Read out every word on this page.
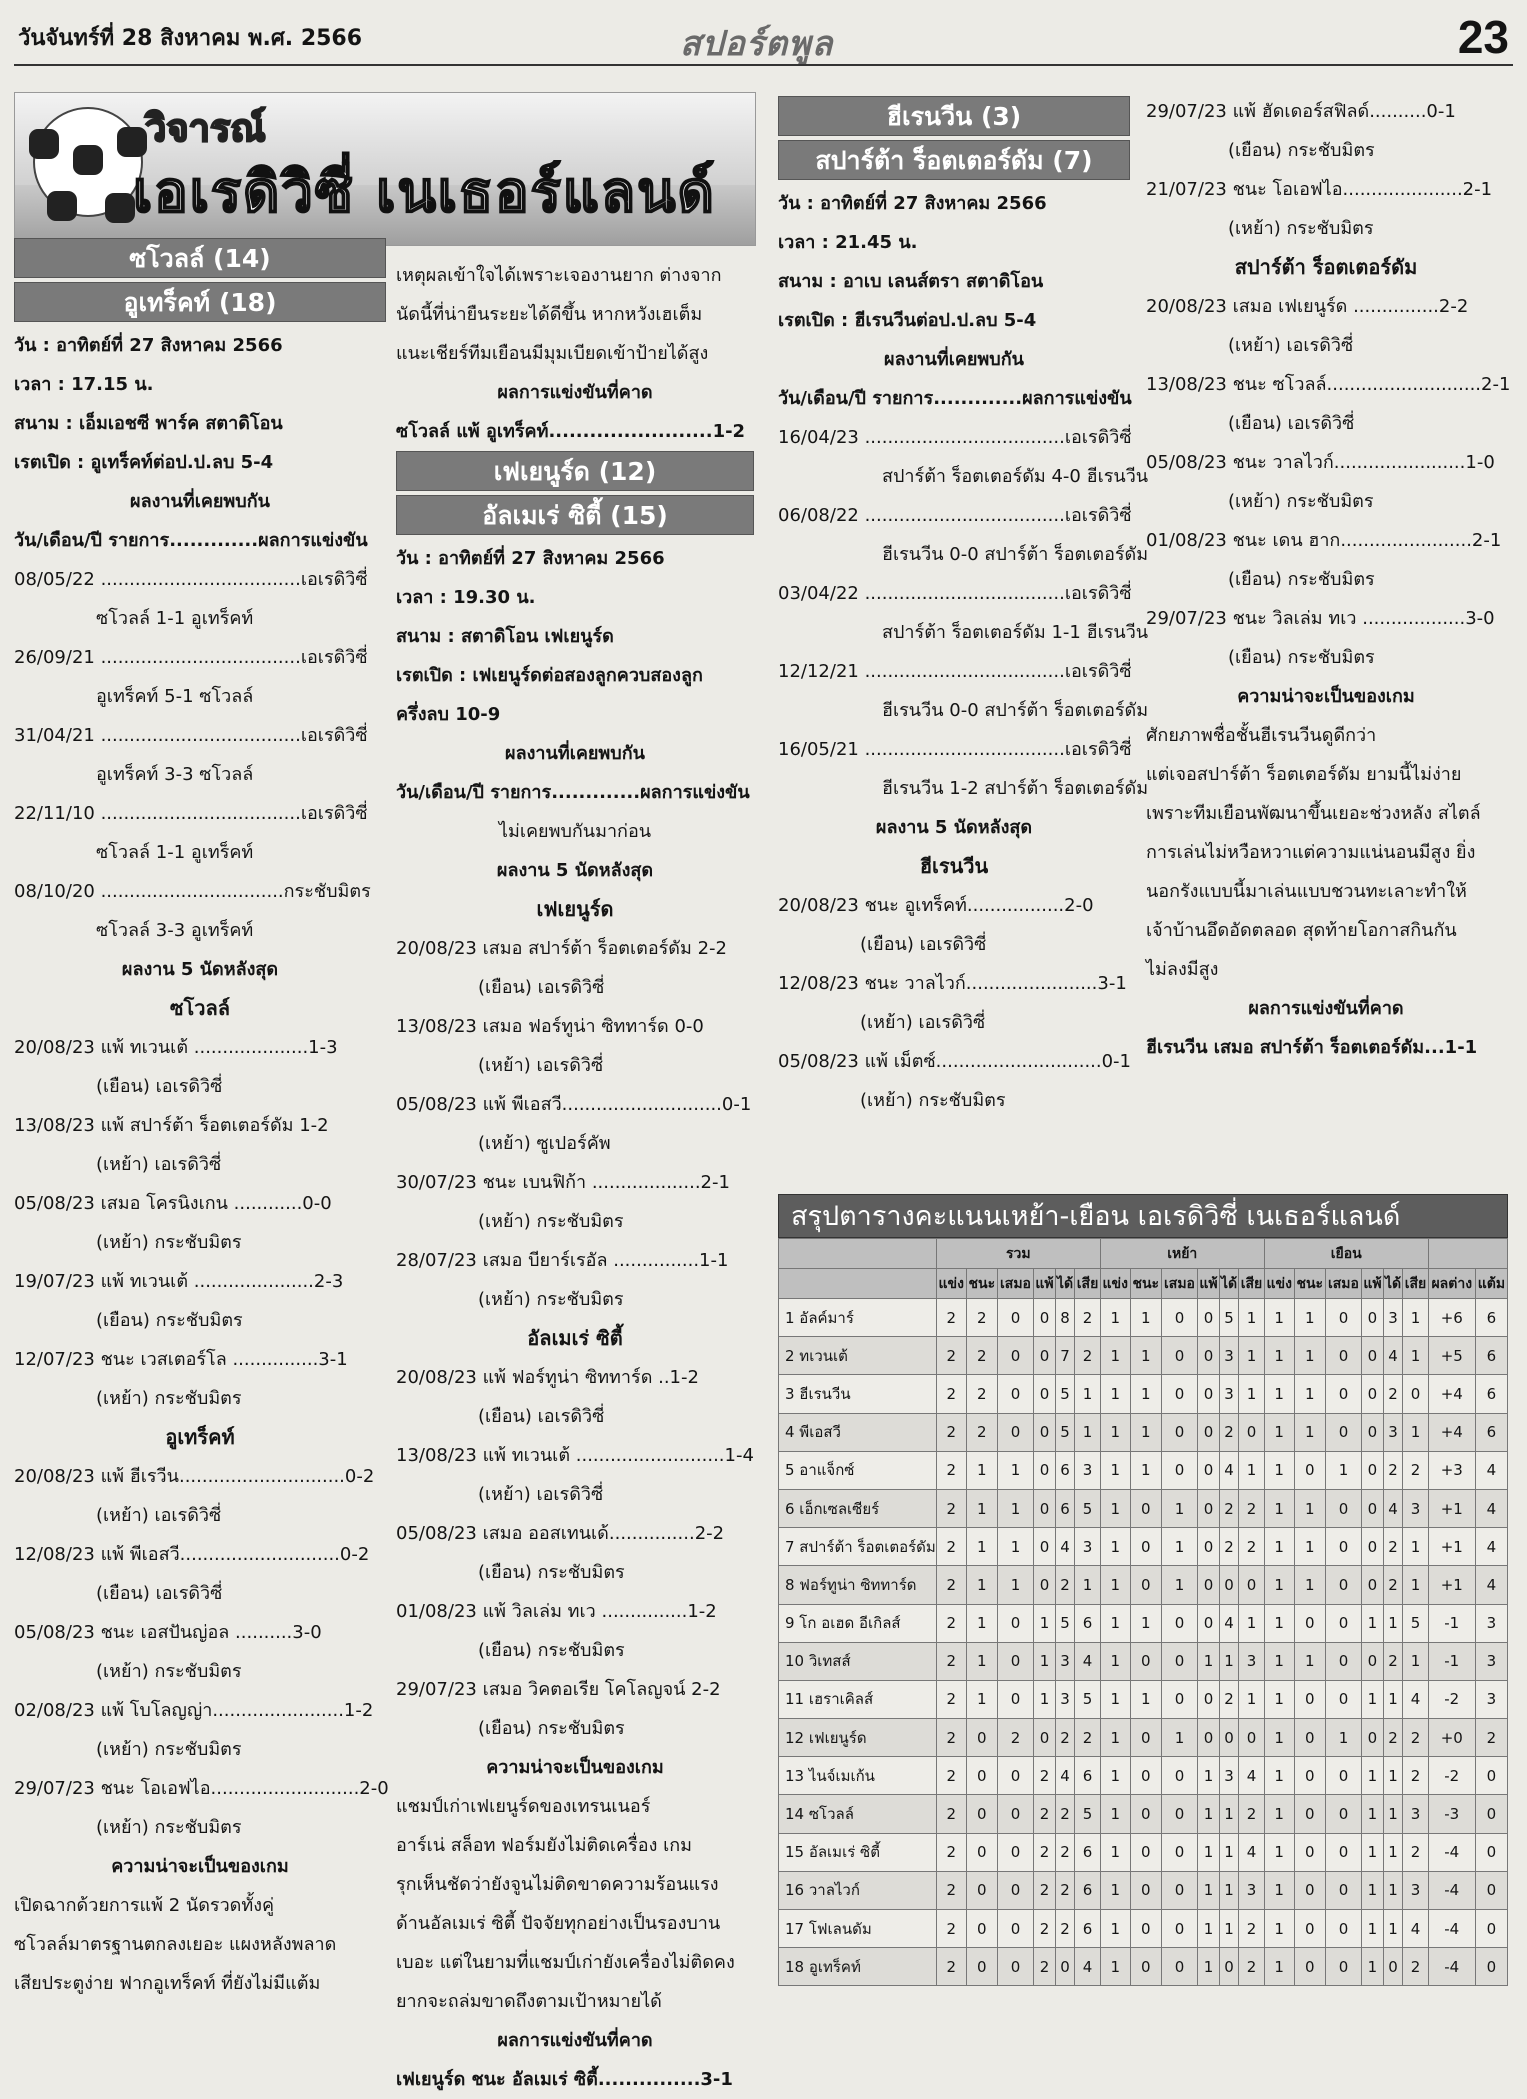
วันจันทร์ที่ 28 สิงหาคม พ.ศ. 2566	สปอร์ตพูล	23
วิจารณ์
เอเรดิวิซี่ เนเธอร์แลนด์
ซโวลล์ (14)
อูเทร็คท์ (18)
วัน : อาทิตย์ที่ 27 สิงหาคม 2566
เวลา : 17.15 น.
สนาม : เอ็มเอชซี พาร์ค สตาดิโอน
เรตเปิด : อูเทร็คท์ต่อป.ป.ลบ 5-4
ผลงานที่เคยพบกัน
วัน/เดือน/ปี รายการ.............ผลการแข่งขัน
08/05/22 ...................................เอเรดิวิซี่
ซโวลล์ 1-1 อูเทร็คท์
26/09/21 ...................................เอเรดิวิซี่
อูเทร็คท์ 5-1 ซโวลล์
31/04/21 ...................................เอเรดิวิซี่
อูเทร็คท์ 3-3 ซโวลล์
22/11/10 ...................................เอเรดิวิซี่
ซโวลล์ 1-1 อูเทร็คท์
08/10/20 ................................กระชับมิตร
ซโวลล์ 3-3 อูเทร็คท์
ผลงาน 5 นัดหลังสุด
ซโวลล์
20/08/23 แพ้ ทเวนเต้ ....................1-3
(เยือน) เอเรดิวิซี่
13/08/23 แพ้ สปาร์ต้า ร็อตเตอร์ดัม 1-2
(เหย้า) เอเรดิวิซี่
05/08/23 เสมอ โครนิงเกน ............0-0
(เหย้า) กระชับมิตร
19/07/23 แพ้ ทเวนเต้ .....................2-3
(เยือน) กระชับมิตร
12/07/23 ชนะ เวสเตอร์โล ...............3-1
(เหย้า) กระชับมิตร
อูเทร็คท์
20/08/23 แพ้ ฮีเรวีน.............................0-2
(เหย้า) เอเรดิวิซี่
12/08/23 แพ้ พีเอสวี............................0-2
(เยือน) เอเรดิวิซี่
05/08/23 ชนะ เอสปันญ่อล ..........3-0
(เหย้า) กระชับมิตร
02/08/23 แพ้ โบโลญญ่า.......................1-2
(เหย้า) กระชับมิตร
29/07/23 ชนะ โอเอฟไอ..........................2-0
(เหย้า) กระชับมิตร
ความน่าจะเป็นของเกม
เปิดฉากด้วยการแพ้ 2 นัดรวดทั้งคู่
ซโวลล์มาตรฐานตกลงเยอะ แผงหลังพลาด
เสียประตูง่าย ฟากอูเทร็คท์ ที่ยังไม่มีแต้ม
เหตุผลเข้าใจได้เพราะเจองานยาก ต่างจาก
นัดนี้ที่น่ายืนระยะได้ดีขึ้น หากหวังเฮเต็ม
แนะเชียร์ทีมเยือนมีมุมเบียดเข้าป้ายได้สูง
ผลการแข่งขันที่คาด
ซโวลล์ แพ้ อูเทร็คท์........................1-2
เฟเยนูร์ด (12)
อัลเมเร่ ซิตี้ (15)
วัน : อาทิตย์ที่ 27 สิงหาคม 2566
เวลา : 19.30 น.
สนาม : สตาดิโอน เฟเยนูร์ด
เรตเปิด : เฟเยนูร์ดต่อสองลูกควบสองลูก
ครึ่งลบ 10-9
ผลงานที่เคยพบกัน
วัน/เดือน/ปี รายการ.............ผลการแข่งขัน
ไม่เคยพบกันมาก่อน
ผลงาน 5 นัดหลังสุด
เฟเยนูร์ด
20/08/23 เสมอ สปาร์ต้า ร็อตเตอร์ดัม 2-2
(เยือน) เอเรดิวิซี่
13/08/23 เสมอ ฟอร์ทูน่า ซิททาร์ด 0-0
(เหย้า) เอเรดิวิซี่
05/08/23 แพ้ พีเอสวี............................0-1
(เหย้า) ซูเปอร์คัพ
30/07/23 ชนะ เบนฟิก้า ...................2-1
(เหย้า) กระชับมิตร
28/07/23 เสมอ บียาร์เรอัล ...............1-1
(เหย้า) กระชับมิตร
อัลเมเร่ ซิตี้
20/08/23 แพ้ ฟอร์ทูน่า ซิททาร์ด ..1-2
(เยือน) เอเรดิวิซี่
13/08/23 แพ้ ทเวนเต้ ..........................1-4
(เหย้า) เอเรดิวิซี่
05/08/23 เสมอ ออสเทนเด้...............2-2
(เยือน) กระชับมิตร
01/08/23 แพ้ วิลเล่ม ทเว ...............1-2
(เยือน) กระชับมิตร
29/07/23 เสมอ วิคตอเรีย โคโลญจน์ 2-2
(เยือน) กระชับมิตร
ความน่าจะเป็นของเกม
แชมป์เก่าเฟเยนูร์ดของเทรนเนอร์
อาร์เน่ สล็อท ฟอร์มยังไม่ติดเครื่อง เกม
รุกเห็นชัดว่ายังจูนไม่ติดขาดความร้อนแรง
ด้านอัลเมเร่ ซิตี้ ปัจจัยทุกอย่างเป็นรองบาน
เบอะ แต่ในยามที่แชมป์เก่ายังเครื่องไม่ติดคง
ยากจะถล่มขาดถึงตามเป้าหมายได้
ผลการแข่งขันที่คาด
เฟเยนูร์ด ชนะ อัลเมเร่ ซิตี้...............3-1
ฮีเรนวีน (3)
สปาร์ต้า ร็อตเตอร์ดัม (7)
วัน : อาทิตย์ที่ 27 สิงหาคม 2566
เวลา : 21.45 น.
สนาม : อาเบ เลนส์ตรา สตาดิโอน
เรตเปิด : ฮีเรนวีนต่อป.ป.ลบ 5-4
ผลงานที่เคยพบกัน
วัน/เดือน/ปี รายการ.............ผลการแข่งขัน
16/04/23 ...................................เอเรดิวิซี่
สปาร์ต้า ร็อตเตอร์ดัม 4-0 ฮีเรนวีน
06/08/22 ...................................เอเรดิวิซี่
ฮีเรนวีน 0-0 สปาร์ต้า ร็อตเตอร์ดัม
03/04/22 ...................................เอเรดิวิซี่
สปาร์ต้า ร็อตเตอร์ดัม 1-1 ฮีเรนวีน
12/12/21 ...................................เอเรดิวิซี่
ฮีเรนวีน 0-0 สปาร์ต้า ร็อตเตอร์ดัม
16/05/21 ...................................เอเรดิวิซี่
ฮีเรนวีน 1-2 สปาร์ต้า ร็อตเตอร์ดัม
ผลงาน 5 นัดหลังสุด
ฮีเรนวีน
20/08/23 ชนะ อูเทร็คท์.................2-0
(เยือน) เอเรดิวิซี่
12/08/23 ชนะ วาลไวก์.......................3-1
(เหย้า) เอเรดิวิซี่
05/08/23 แพ้ เม็ตซ์.............................0-1
(เหย้า) กระชับมิตร
29/07/23 แพ้ ฮัดเดอร์สฟิลด์..........0-1
(เยือน) กระชับมิตร
21/07/23 ชนะ โอเอฟไอ.....................2-1
(เหย้า) กระชับมิตร
สปาร์ต้า ร็อตเตอร์ดัม
20/08/23 เสมอ เฟเยนูร์ด ...............2-2
(เหย้า) เอเรดิวิซี่
13/08/23 ชนะ ซโวลล์...........................2-1
(เยือน) เอเรดิวิซี่
05/08/23 ชนะ วาลไวก์.......................1-0
(เหย้า) กระชับมิตร
01/08/23 ชนะ เดน ฮาก.......................2-1
(เยือน) กระชับมิตร
29/07/23 ชนะ วิลเล่ม ทเว ..................3-0
(เยือน) กระชับมิตร
ความน่าจะเป็นของเกม
ศักยภาพชื่อชั้นฮีเรนวีนดูดีกว่า
แต่เจอสปาร์ต้า ร็อตเตอร์ดัม ยามนี้ไม่ง่าย
เพราะทีมเยือนพัฒนาขึ้นเยอะช่วงหลัง สไตล์
การเล่นไม่หวือหวาแต่ความแน่นอนมีสูง ยิ่ง
นอกรังแบบนี้มาเล่นแบบชวนทะเลาะทำให้
เจ้าบ้านอึดอัดตลอด สุดท้ายโอกาสกินกัน
ไม่ลงมีสูง
ผลการแข่งขันที่คาด
ฮีเรนวีน เสมอ สปาร์ต้า ร็อตเตอร์ดัม...1-1
สรุปตารางคะแนนเหย้า-เยือน เอเรดิวิซี่ เนเธอร์แลนด์
	รวม						เหย้า						เยือน							
	แข่ง	ชนะ	เสมอ	แพ้	ได้	เสีย	แข่ง	ชนะ	เสมอ	แพ้	ได้	เสีย	แข่ง	ชนะ	เสมอ	แพ้	ได้	เสีย	ผลต่าง	แต้ม
1 อัลค์มาร์	2	2	0	0	8	2	1	1	0	0	5	1	1	1	0	0	3	1	+6	6
2 ทเวนเต้	2	2	0	0	7	2	1	1	0	0	3	1	1	1	0	0	4	1	+5	6
3 ฮีเรนวีน	2	2	0	0	5	1	1	1	0	0	3	1	1	1	0	0	2	0	+4	6
4 พีเอสวี	2	2	0	0	5	1	1	1	0	0	2	0	1	1	0	0	3	1	+4	6
5 อาแจ็กซ์	2	1	1	0	6	3	1	1	0	0	4	1	1	0	1	0	2	2	+3	4
6 เอ็กเซลเซียร์	2	1	1	0	6	5	1	0	1	0	2	2	1	1	0	0	4	3	+1	4
7 สปาร์ต้า ร็อตเตอร์ดัม	2	1	1	0	4	3	1	0	1	0	2	2	1	1	0	0	2	1	+1	4
8 ฟอร์ทูน่า ซิททาร์ด	2	1	1	0	2	1	1	0	1	0	0	0	1	1	0	0	2	1	+1	4
9 โก อเฮด อีเกิลส์	2	1	0	1	5	6	1	1	0	0	4	1	1	0	0	1	1	5	-1	3
10 วิเทสส์	2	1	0	1	3	4	1	0	0	1	1	3	1	1	0	0	2	1	-1	3
11 เฮราเคิลส์	2	1	0	1	3	5	1	1	0	0	2	1	1	0	0	1	1	4	-2	3
12 เฟเยนูร์ด	2	0	2	0	2	2	1	0	1	0	0	0	1	0	1	0	2	2	+0	2
13 ไนจ์เมเก้น	2	0	0	2	4	6	1	0	0	1	3	4	1	0	0	1	1	2	-2	0
14 ซโวลล์	2	0	0	2	2	5	1	0	0	1	1	2	1	0	0	1	1	3	-3	0
15 อัลเมเร่ ซิตี้	2	0	0	2	2	6	1	0	0	1	1	4	1	0	0	1	1	2	-4	0
16 วาลไวก์	2	0	0	2	2	6	1	0	0	1	1	3	1	0	0	1	1	3	-4	0
17 โฟเลนดัม	2	0	0	2	2	6	1	0	0	1	1	2	1	0	0	1	1	4	-4	0
18 อูเทร็คท์	2	0	0	2	0	4	1	0	0	1	0	2	1	0	0	1	0	2	-4	0
